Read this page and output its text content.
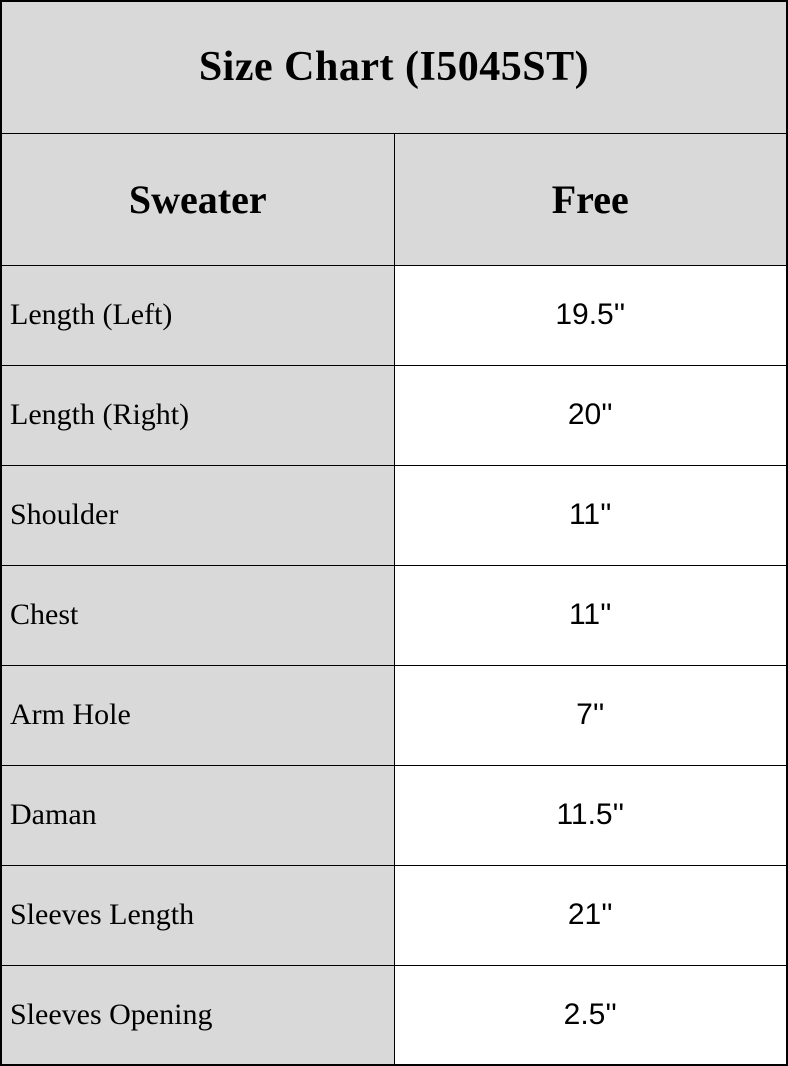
Size Chart (I5045ST)	
Sweater	Free
Length (Left)	19.5''
Length (Right)	20''
Shoulder	11''
Chest	11''
Arm Hole	7''
Daman	11.5''
Sleeves Length	21''
Sleeves Opening	2.5''
